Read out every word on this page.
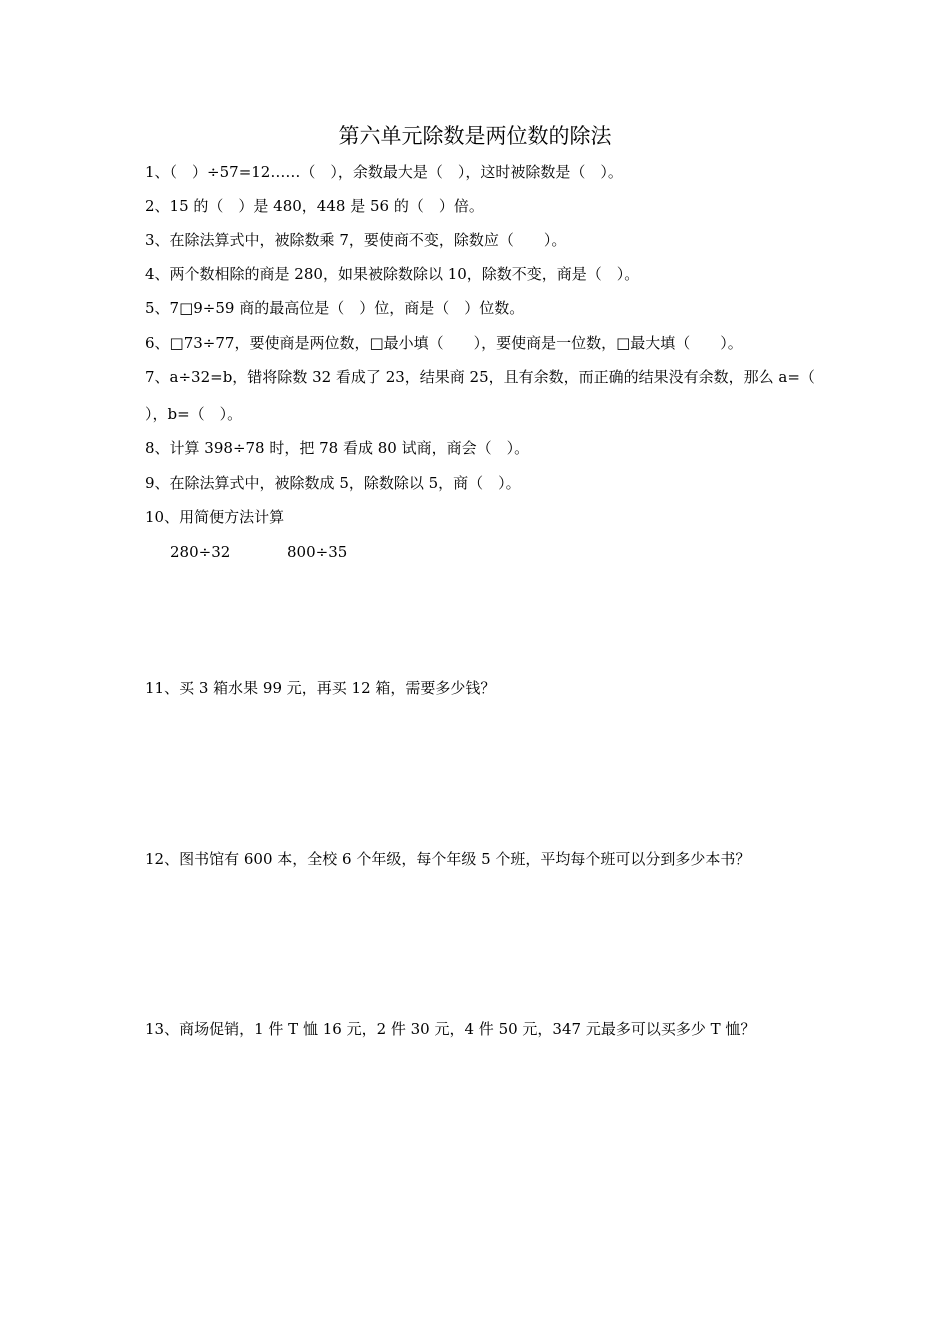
第六单元除数是两位数的除法
1、（　）÷57=12……（　），余数最大是（　），这时被除数是（　）。
2、15 的（　）是 480，448 是 56 的（　）倍。
3、在除法算式中，被除数乘 7，要使商不变，除数应（　　）。
4、两个数相除的商是 280，如果被除数除以 10，除数不变，商是（　）。
5、7□9÷59 商的最高位是（　）位，商是（　）位数。
6、□73÷77，要使商是两位数，□最小填（　　），要使商是一位数，□最大填（　　）。
7、a÷32=b，错将除数 32 看成了 23，结果商 25，且有余数，而正确的结果没有余数，那么 a=（
），b=（　）。
8、计算 398÷78 时，把 78 看成 80 试商，商会（　）。
9、在除法算式中，被除数成 5，除数除以 5，商（　）。
10、用简便方法计算
280÷32	800÷35
11、买 3 箱水果 99 元，再买 12 箱，需要多少钱？
12、图书馆有 600 本，全校 6 个年级，每个年级 5 个班，平均每个班可以分到多少本书？
13、商场促销，1 件 T 恤 16 元，2 件 30 元，4 件 50 元，347 元最多可以买多少 T 恤？
